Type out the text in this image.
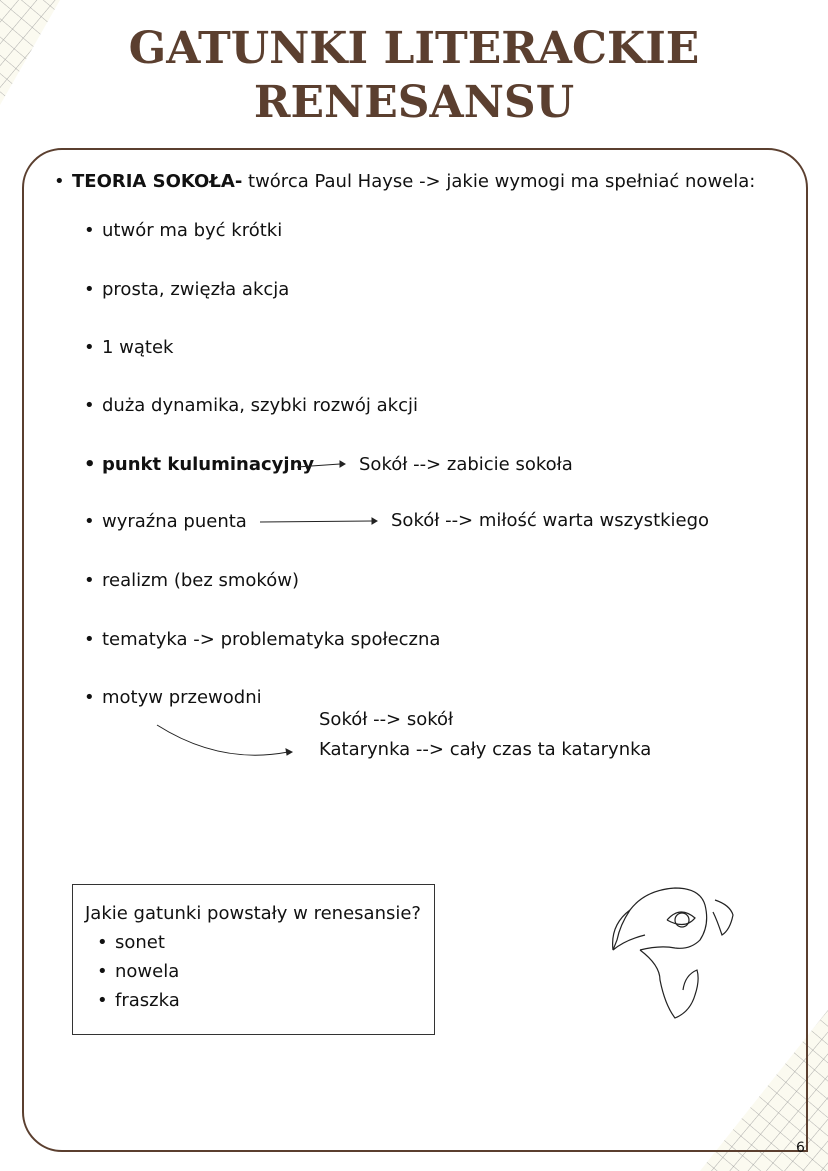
GATUNKI LITERACKIE
RENESANSU
• TEORIA SOKOŁA- twórca Paul Hayse -> jakie wymogi ma spełniać nowela:
• utwór ma być krótki
• prosta, zwięzła akcja
• 1 wątek
• duża dynamika, szybki rozwój akcji
• punkt kuluminacyjny
• wyraźna puenta
• realizm (bez smoków)
• tematyka -> problematyka społeczna
• motyw przewodni
Sokół --> zabicie sokoła
Sokół --> miłość warta wszystkiego
Sokół --> sokół
Katarynka --> cały czas ta katarynka
Jakie gatunki powstały w renesansie?
• sonet
• nowela
• fraszka
6
